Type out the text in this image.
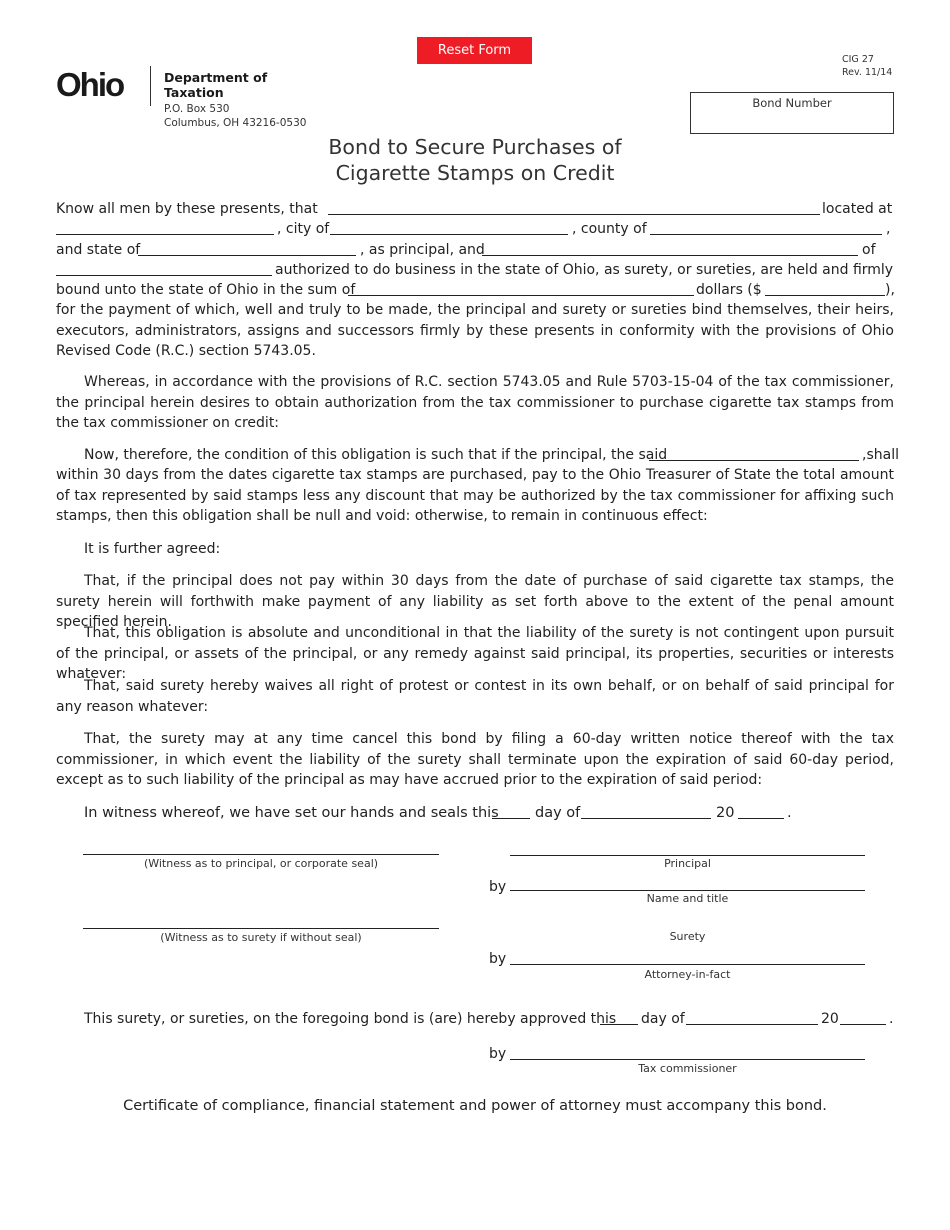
Reset Form
CIG 27
Rev. 11/14
Ohio	Department of
Taxation
P.O. Box 530
Columbus, OH 43216-0530
Bond Number
Bond to Secure Purchases of
Cigarette Stamps on Credit
Know all men by these presents, that	located at
, city of	, county of	,
and state of	, as principal, and	of
authorized to do business in the state of Ohio, as surety, or sureties, are held and firmly
bound unto the state of Ohio in the sum of	dollars ($	),
for the payment of which, well and truly to be made, the principal and surety or sureties bind themselves, their heirs, executors, administrators, assigns and successors firmly by these presents in conformity with the provisions of Ohio Revised Code (R.C.) section 5743.05.
Whereas, in accordance with the provisions of R.C. section 5743.05 and Rule 5703-15-04 of the tax commissioner, the principal herein desires to obtain authorization from the tax commissioner to purchase cigarette tax stamps from the tax commissioner on credit:
Now, therefore, the condition of this obligation is such that if the principal, the said	,shall
within 30 days from the dates cigarette tax stamps are purchased, pay to the Ohio Treasurer of State the total amount of tax represented by said stamps less any discount that may be authorized by the tax commissioner for affixing such stamps, then this obligation shall be null and void: otherwise, to remain in continuous effect:
It is further agreed:
That, if the principal does not pay within 30 days from the date of purchase of said cigarette tax stamps, the surety herein will forthwith make payment of any liability as set forth above to the extent of the penal amount specified herein.
That, this obligation is absolute and unconditional in that the liability of the surety is not contingent upon pursuit of the principal, or assets of the principal, or any remedy against said principal, its properties, securities or interests whatever:
That, said surety hereby waives all right of protest or contest in its own behalf, or on behalf of said principal for any reason whatever:
That, the surety may at any time cancel this bond by filing a 60-day written notice thereof with the tax commissioner, in which event the liability of the surety shall terminate upon the expiration of said 60-day period, except as to such liability of the principal as may have accrued prior to the expiration of said period:
In witness whereof, we have set our hands and seals this	day of	20	.
(Witness as to principal, or corporate seal)	Principal
by
Name and title
(Witness as to surety if without seal)	Surety
by
Attorney-in-fact
This surety, or sureties, on the foregoing bond is (are) hereby approved this day of	20	.
by
Tax commissioner
Certificate of compliance, financial statement and power of attorney must accompany this bond.
